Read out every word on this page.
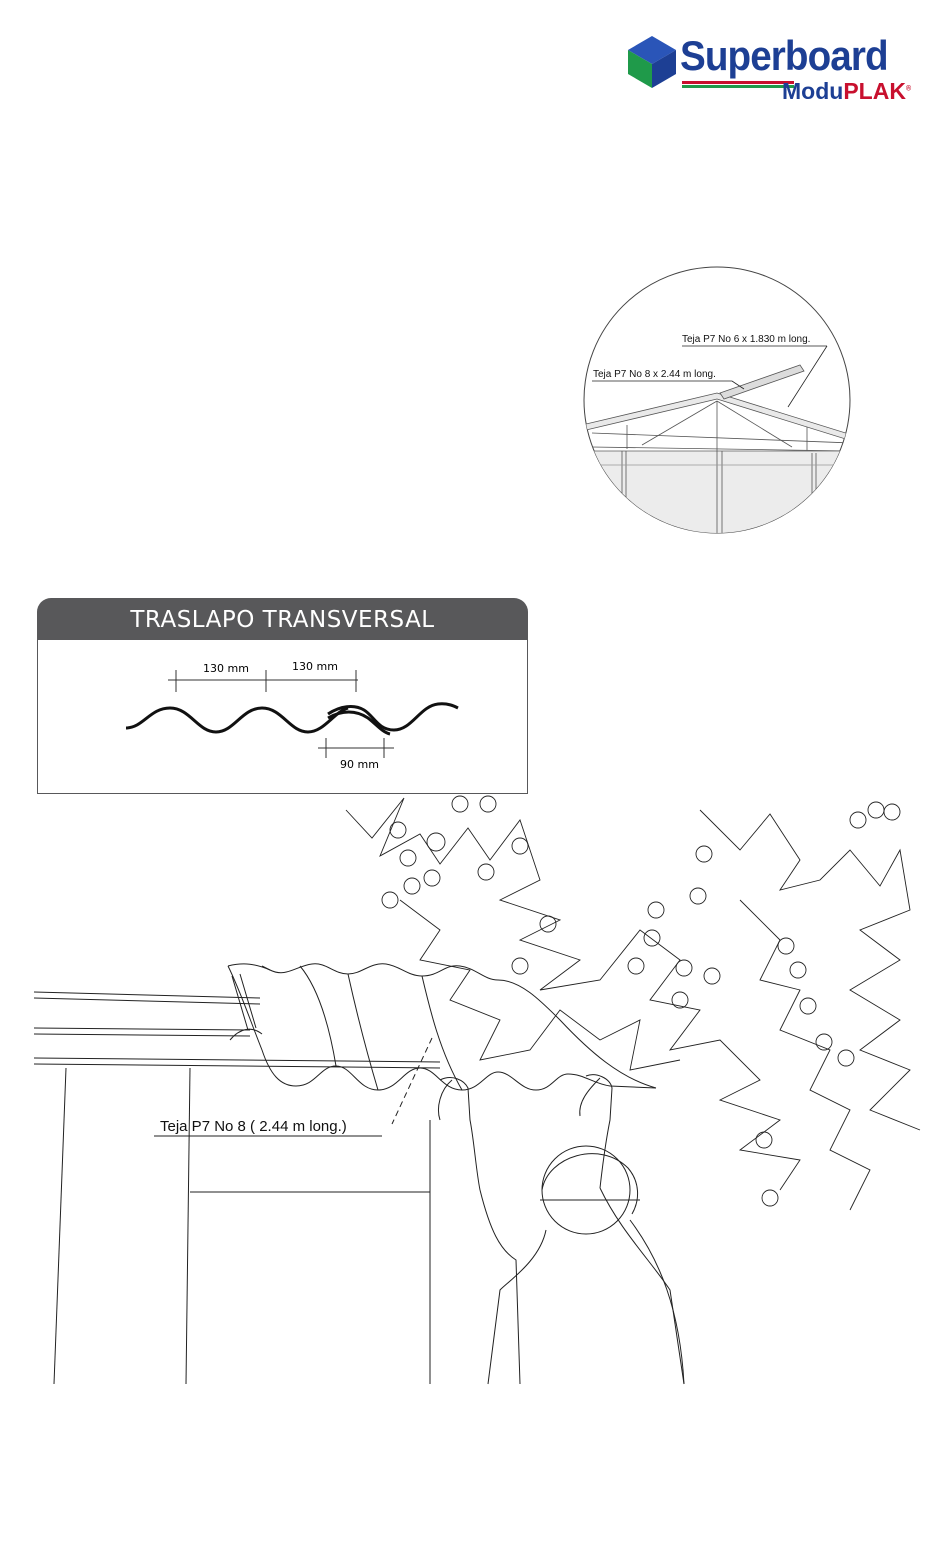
Superboard
ModuPLAK®
Teja P7 No 6 x 1.830 m long.
Teja P7 No 8 x 2.44 m long.
TRASLAPO TRANSVERSAL
130 mm	130 mm
90 mm
Teja P7 No 8 ( 2.44 m long.)
